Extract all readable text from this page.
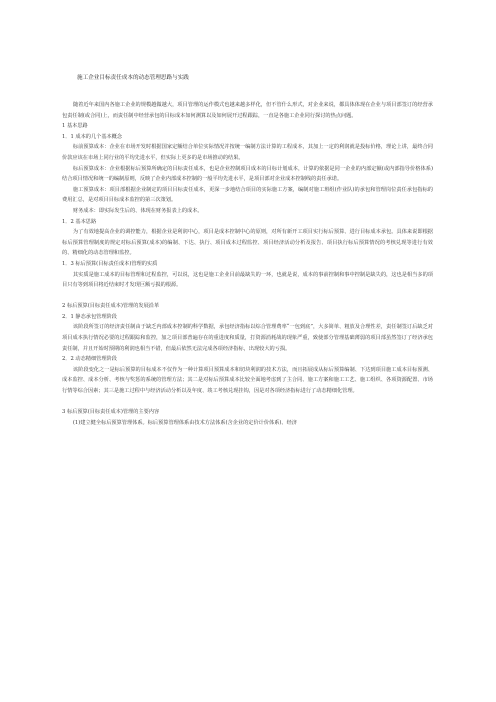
施工企业目标责任成本的动态管理思路与实践

随着近年来国内各施工企业的规模越做越大，项目管理的运作模式也越来越多样化，但不管什么形式，对企业来说，都具体体现在企业与项目部签订的经营承包责任制(或合同)上，而责任制中经营承包的目标成本如何测算以及如何展开过程跟踪，一直是各施工企业同行探讨的热点问题。

1 基本思路

1．1 成本的几个基本概念

标前预算成本：企业在市场开发时根据国家定额结合单位实际情况并按统一编制方法计算的工程成本，其加上一定的利润就是投标价格，理论上讲，最终合同价款应该在市场上同行业的平均先进水平，但实际上更多的是市场推动的结果。

标后预算成本：企业根据标后预算所确定的目标责任成本，也是企业控制项目成本的目标计划成本，计算的依据是同一企业的内部定额(或内部指导价格体系)结合项目情况和统一的编制原则，反映了企业内部成本控制的一般平均先进水平，是项目部对企业成本控制线的责任承诺。

施工预算成本：项目部根据企业制定的项目目标责任成本，更深一步地结合项目的实际施工方案，编制对施工班组(作业队)的承包和管理岗位责任承包指标的费用汇总，是对项目目标成本监控的第三次策划。

财务成本：即实际发生后的、体现在财务报表上的成本。

1．2 基本思路

为了有效地提高企业的调控能力，根据企业是利润中心，项目是成本控制中心的原则，对所有新开工项目实行标后预算、进行目标成本承包。具体来说即根据标后预算管理制度的规定对标后预算(成本)的编制、下达、执行、项目成本过程监控、项目经济活动分析及报告、项目执行标后预算情况的考核兑现等进行有效的、精细化的动态管理和监控。

1．3 标后预算(目标责任成本)管理的实质

其实质是施工成本的目标管理和过程监控，可以说，这也是施工企业目前最缺失的一环，也就是说，成本的事前控制和事中控制是缺失的，这也是相当多的项目只有等到项目将近结束时才发现巨额亏损的根源。

2 标后预算(目标责任成本)管理的发展沿革

2．1 静态承包管理阶段

该阶段所签订的经济责任制由于缺乏内部成本控制的科学数据，承包经济指标以综合管理费率“一包到底”，大多简单、粗放及合理性差，责任制签订后缺乏对项目成本执行情况必要的过程跟踪和监控，加之项目部普遍存在的重进度和质量，打资源消耗战的现象严重，致使部分管理基础薄弱的项目部虽然签订了经济承包责任制，并且开始时预期的利润也相当不错，但最后依然无法完成各项经济指标，出现较大的亏损。

2．2 动态精细管理阶段

该阶段变化之一是标后预算的目标成本不仅作为一种计算项目预算成本和切块利润的技术方法，而且拓展成从标后预算编制、下达到项目施工成本目标预测、成本监控、成本分析、考核与奖惩的系统的管理方法；其二是对标后预算成本比较全面地考虑到了主合同、施工方案和施工工艺、施工组织、各项资源配置、市场行情等综合因素；其三是施工过程中与经济活动分析以及年度、竣工考核兑现挂钩，因是对各项经济指标进行了动态精细化管理。

3 标后预算(目标责任成本)管理的主要内容

(1)建立健全标后预算管理体系。标后预算管理体系由技术方法体系(含企业的定价计价体系)、经济
